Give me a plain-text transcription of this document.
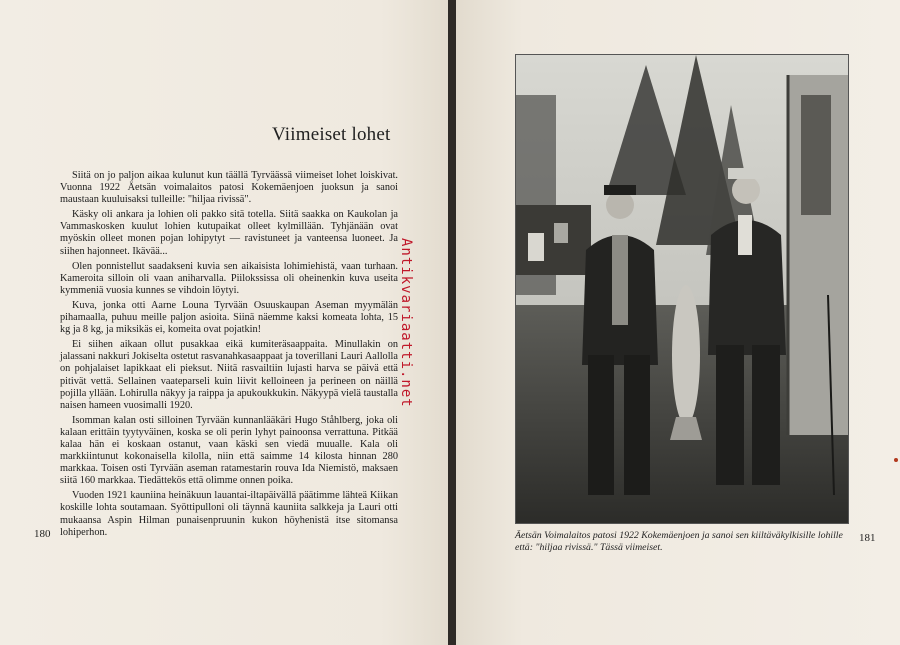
Viimeiset lohet

Siitä on jo paljon aikaa kulunut kun täällä Tyrväässä viimeiset lohet loiskivat. Vuonna 1922 Äetsän voimalaitos patosi Kokemäenjoen juoksun ja sanoi maustaan kuuluisaksi tulleille: "hiljaa rivissä".

Käsky oli ankara ja lohien oli pakko sitä totella. Siitä saakka on Kaukolan ja Vammaskosken kuulut lohien kutupaikat olleet kylmillään. Tyhjänään ovat myöskin olleet monen pojan lohipytyt — ravistuneet ja vanteensa luoneet. Ja siihen hajonneet. Ikävää...

Olen ponnistellut saadakseni kuvia sen aikaisista lohimiehistä, vaan turhaan. Kameroita silloin oli vaan aniharvalla. Piilokssissa oli oheinenkin kuva useita kymmeniä vuosia kunnes se vihdoin löytyi.

Kuva, jonka otti Aarne Louna Tyrvään Osuuskaupan Aseman myymälän pihamaalla, puhuu meille paljon asioita. Siinä näemme kaksi komeata lohta, 15 kg ja 8 kg, ja miksikäs ei, komeita ovat pojatkin!

Ei siihen aikaan ollut pusakkaa eikä kumiteräsaappaita. Minullakin on jalassani nakkuri Jokiselta ostetut rasvanahkasaappaat ja toverillani Lauri Aallolla on pohjalaiset lapikkaat eli pieksut. Niitä rasvailtiin lujasti harva se päivä että pitivät vettä. Sellainen vaateparseli kuin liivit kelloineen ja perineen on näillä pojilla yllään. Lohirulla näkyy ja raippa ja apukoukkukin. Näkyypä vielä taustalla naisen hameen vuosimalli 1920.

Isomman kalan osti silloinen Tyrvään kunnanlääkäri Hugo Ståhlberg, joka oli kalaan erittäin tyytyväinen, koska se oli perin lyhyt painoonsa verrattuna. Pitkää kalaa hän ei koskaan ostanut, vaan käski sen viedä muualle. Kala oli markkiintunut kokonaisella kilolla, niin että saimme 14 kilosta hinnan 280 markkaa. Toisen osti Tyrvään aseman ratamestarin rouva Ida Niemistö, maksaen siitä 160 markkaa. Tiedättekös että olimme onnen poika.

Vuoden 1921 kauniina heinäkuun lauantai-iltapäivällä päätimme lähteä Kiikan koskille lohta soutamaan. Syöttipulloni oli täynnä kauniita salkkeja ja Lauri otti mukaansa Aspin Hilman punaisenpruunin kukon höyhenistä itse sitomansa lohiperhon.

180
Antikvariaatti.net
Äetsän Voimalaitos patosi 1922 Kokemäenjoen ja sanoi sen kiiltäväkylkisille lohille että: "hiljaa rivissä." Tässä viimeiset.
181
